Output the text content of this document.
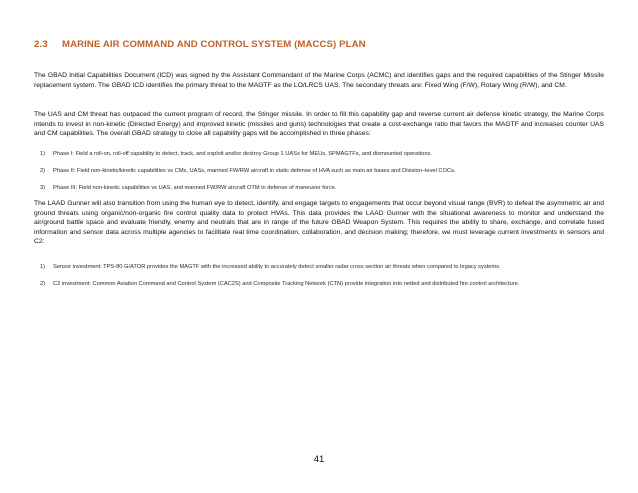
2.3 MARINE AIR COMMAND AND CONTROL SYSTEM (MACCS) PLAN

The GBAD Initial Capabilities Document (ICD) was signed by the Assistant Commandant of the Marine Corps (ACMC) and identifies gaps and the required capabilities of the Stinger Missile replacement system. The GBAD ICD identifies the primary threat to the MAGTF as the LO/LRCS UAS. The secondary threats are: Fixed Wing (F/W), Rotary Wing (R/W), and CM.

The UAS and CM threat has outpaced the current program of record, the Stinger missile. In order to fill this capability gap and reverse current air defense kinetic strategy, the Marine Corps intends to invest in non-kinetic (Directed Energy) and improved kinetic (missiles and guns) technologies that create a cost-exchange ratio that favors the MAGTF and increases counter UAS and CM capabilities. The overall GBAD strategy to close all capability gaps will be accomplished in three phases:

1) Phase I: Field a roll-on, roll-off capability to detect, track, and exploit and/or destroy Group 1 UASs for MEUs, SPMAGTFs, and dismounted operations.
2) Phase II: Field non-kinetic/kinetic capabilities vs CMs, UASs, manned FW/RW aircraft in static defense of HVA such as main air bases and Division–level COCs.
3) Phase III: Field non-kinetic capabilities vs UAS, and manned FW/RW aircraft OTM in defense of maneuver force.

The LAAD Gunner will also transition from using the human eye to detect, identify, and engage targets to engagements that occur beyond visual range (BVR) to defeat the asymmetric air and ground threats using organic/non-organic fire control quality data to protect HVAs. This data provides the LAAD Gunner with the situational awareness to monitor and understand the air/ground battle space and evaluate friendly, enemy and neutrals that are in range of the future GBAD Weapon System. This requires the ability to share, exchange, and correlate fused information and sensor data across multiple agencies to facilitate real time coordination, collaboration, and decision making; therefore, we must leverage current investments in sensors and C2:

1) Sensor investment: TPS-80 G/ATOR provides the MAGTF with the increased ability to accurately detect smaller radar cross section air threats when compared to legacy systems.
2) C2 investment: Common Aviation Command and Control System (CAC2S) and Composite Tracking Network (CTN) provide integration into netted and distributed fire control architecture.
41
